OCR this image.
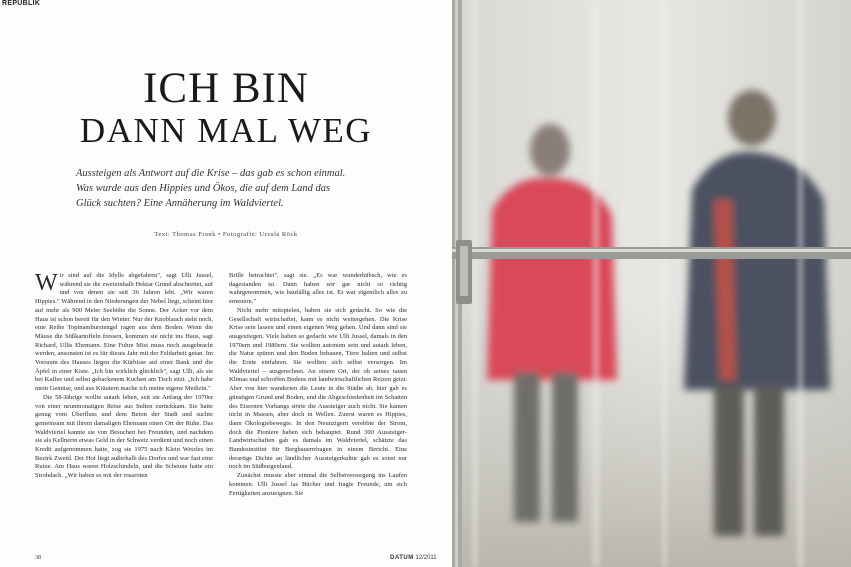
REPUBLIK
ICH BIN
DANN MAL WEG
Aussteigen als Antwort auf die Krise – das gab es schon einmal.
Was wurde aus den Hippies und Ökos, die auf dem Land das
Glück suchten? Eine Annäherung im Waldviertel.
Text: Thomas Frank • Fotografie: Ursula Röck

Wir sind auf die Idylle abgefahren", sagt Ulli Jussel, während sie die zweieinhalb Hektar Grund abschreitet, auf und von denen sie seit 36 Jahren lebt. „Wir waren Hippies." Während in den Niederungen der Nebel liegt, scheint hier auf mehr als 900 Meter Seehöhe die Sonne. Der Acker vor dem Haus ist schon bereit für den Winter. Nur der Knoblauch steht noch, eine Reihe Topinamburstengel ragen aus dem Boden. Wenn die Mäuse die Süßkartoffeln fressen, kommen sie nicht ins Haus, sagt Richard, Ullis Ehemann. Eine Fuhre Mist muss noch ausgebracht werden, ansonsten ist es für dieses Jahr mit der Feldarbeit getan. Im Vorraum des Hauses liegen die Kürbisse auf einer Bank und die Äpfel in einer Kiste. „Ich bin wirklich glücklich", sagt Ulli, als sie bei Kaffee und selbst gebackenem Kuchen am Tisch sitzt. „Ich habe mein Gemüse, und aus Kräutern mache ich meine eigene Medizin."

Die 58-Jährige wollte autark leben, seit sie Anfang der 1970er von einer neunmonatigen Reise aus Indien zurückkam. Sie hatte genug vom Überfluss und dem Beton der Stadt und suchte gemeinsam mit ihrem damaligen Ehemann einen Ort der Ruhe. Das Waldviertel kannte sie von Besuchen bei Freunden, und nachdem sie als Kellnerin etwas Geld in der Schweiz verdient und noch einen Kredit aufgenommen hatte, zog sie 1975 nach Klein Wetzles im Bezirk Zwettl. Der Hof liegt außerhalb des Dorfes und war fast eine Ruine. Am Haus waren Holzschindeln, und die Scheune hatte ein Strohdach. „Wir haben es mit der rosaroten

Brille betrachtet", sagt sie. „Es war wunderhübsch, wie es dagestanden ist. Dann haben wir gar nicht so richtig wahrgenommen, wie baufällig alles ist. Es war eigentlich alles zu erneuern."

Nicht mehr mitspielen, haben sie sich gedacht. So wie die Gesellschaft wirtschaftet, kann es nicht weitergehen. Die Krise Krise sein lassen und einen eigenen Weg gehen. Und dann sind sie ausgestiegen. Viele haben so gedacht wie Ulli Jussel, damals in den 1970ern und 1980ern. Sie wollten autonom sein und autark leben, die Natur spüren und den Boden bebauen, Tiere halten und selbst die Ernte einfahren. Sie wollten sich selbst versorgen. Im Waldviertel – ausgerechnet. An einem Ort, der ob seines rauen Klimas und schroffen Bodens mit landwirtschaftlichen Reizen geizt. Aber von hier wanderten die Leute in die Städte ab, hier gab es günstigen Grund und Boden, und die Abgeschiedenheit im Schatten des Eisernen Vorhangs störte die Aussteiger auch nicht. Sie kamen nicht in Massen, aber doch in Wellen. Zuerst waren es Hippies, dann Ökologiebewegte. In den Neunzigern verebbte der Strom, doch die Pioniere haben sich behauptet. Rund 300 Aussteiger-Landwirtschaften gab es damals im Waldviertel, schätzte das Bundesinstitut für Bergbauernfragen in einem Bericht. Eine derartige Dichte an ländlicher Aussteigerkultur gab es sonst nur noch im Südburgenland.

Zunächst musste aber einmal die Selbstversorgung ins Laufen kommen. Ulli Jussel las Bücher und fragte Freunde, um sich Fertigkeiten anzueignen. Sie

38	DATUM 12/2011
